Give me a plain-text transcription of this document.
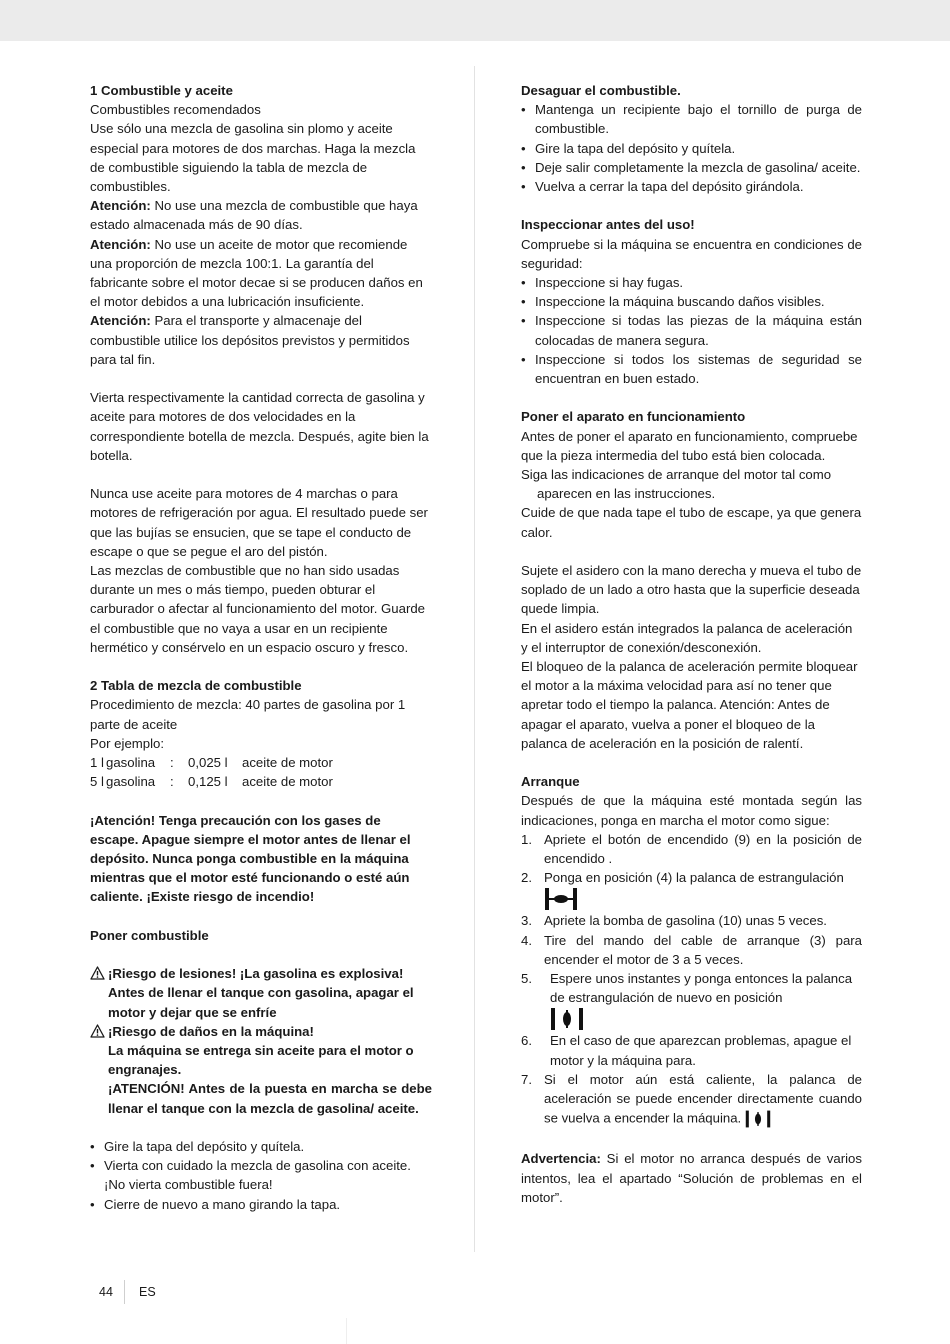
1 Combustible y aceite

Combustibles recomendados

Use sólo una mezcla de gasolina sin plomo y aceite especial para motores de dos marchas. Haga la mezcla de combustible siguiendo la tabla de mezcla de combustibles.

Atención: No use una mezcla de combustible que haya estado almacenada más de 90 días.

Atención: No use un aceite de motor que recomiende una proporción de mezcla 100:1. La garantía del fabricante sobre el motor decae si se producen daños en el motor debidos a una lubricación insuficiente.

Atención: Para el transporte y almacenaje del combustible utilice los depósitos previstos y permitidos para tal fin.

Vierta respectivamente la cantidad correcta de gasolina y aceite para motores de dos velocidades en la correspondiente botella de mezcla. Después, agite bien la botella.

Nunca use aceite para motores de 4 marchas o para motores de refrigeración por agua. El resultado puede ser que las bujías se ensucien, que se tape el conducto de escape o que se pegue el aro del pistón.

Las mezclas de combustible que no han sido usadas durante un mes o más tiempo, pueden obturar el carburador o afectar al funcionamiento del motor. Guarde el combustible que no vaya a usar en un recipiente hermético y consérvelo en un espacio oscuro y fresco.

2 Tabla de mezcla de combustible

Procedimiento de mezcla: 40 partes de gasolina por 1 parte de aceite

Por ejemplo:

1 l gasolina	:	0,025 l	aceite de motor
5 l gasolina	:	0,125 l	aceite de motor

¡Atención! Tenga precaución con los gases de escape. Apague siempre el motor antes de llenar el depósito. Nunca ponga combustible en la máquina mientras que el motor esté funcionando o esté aún caliente. ¡Existe riesgo de incendio!

Poner combustible

¡Riesgo de lesiones! ¡La gasolina es explosiva!

Antes de llenar el tanque con gasolina, apagar el motor y dejar que se enfríe

¡Riesgo de daños en la máquina!

La máquina se entrega sin aceite para el motor o engranajes.

¡ATENCIÓN! Antes de la puesta en marcha se debe llenar el tanque con la mezcla de gasolina/ aceite.

• Gire la tapa del depósito y quítela.

• Vierta con cuidado la mezcla de gasolina con aceite. ¡No vierta combustible fuera!

• Cierre de nuevo a mano girando la tapa.

Desaguar el combustible.

• Mantenga un recipiente bajo el tornillo de purga de combustible.

• Gire la tapa del depósito y quítela.

• Deje salir completamente la mezcla de gasolina/ aceite.

• Vuelva a cerrar la tapa del depósito girándola.

Inspeccionar antes del uso!

Compruebe si la máquina se encuentra en condiciones de seguridad:

• Inspeccione si hay fugas.

• Inspeccione la máquina buscando daños visibles.

• Inspeccione si todas las piezas de la máquina están colocadas de manera segura.

• Inspeccione si todos los sistemas de seguridad se encuentran en buen estado.

Poner el aparato en funcionamiento

Antes de poner el aparato en funcionamiento, compruebe que la pieza intermedia del tubo está bien colocada.

Siga las indicaciones de arranque del motor tal como

aparecen en las instrucciones.

Cuide de que nada tape el tubo de escape, ya que genera calor.

Sujete el asidero con la mano derecha y mueva el tubo de soplado de un lado a otro hasta que la superficie deseada quede limpia.

En el asidero están integrados la palanca de aceleración y el interruptor de conexión/desconexión.

El bloqueo de la palanca de aceleración permite bloquear el motor a la máxima velocidad para así no tener que apretar todo el tiempo la palanca. Atención: Antes de apagar el aparato, vuelva a poner el bloqueo de la palanca de aceleración en la posición de ralentí.

Arranque

Después de que la máquina esté montada según las indicaciones, ponga en marcha el motor como sigue:

1. Apriete el botón de encendido (9) en la posición de encendido .

2. Ponga en posición (4) la palanca de estrangulación

3. Apriete la bomba de gasolina (10) unas 5 veces.

4. Tire del mando del cable de arranque (3) para encender el motor de 3 a 5 veces.

5. Espere unos instantes y ponga entonces la palanca de estrangulación de nuevo en posición

6. En el caso de que aparezcan problemas, apague el motor y la máquina para.

7. Si el motor aún está caliente, la palanca de aceleración se puede encender directamente cuando se vuelva a encender la máquina.

Advertencia: Si el motor no arranca después de varios intentos, lea el apartado “Solución de problemas en el motor”.

44 ES
